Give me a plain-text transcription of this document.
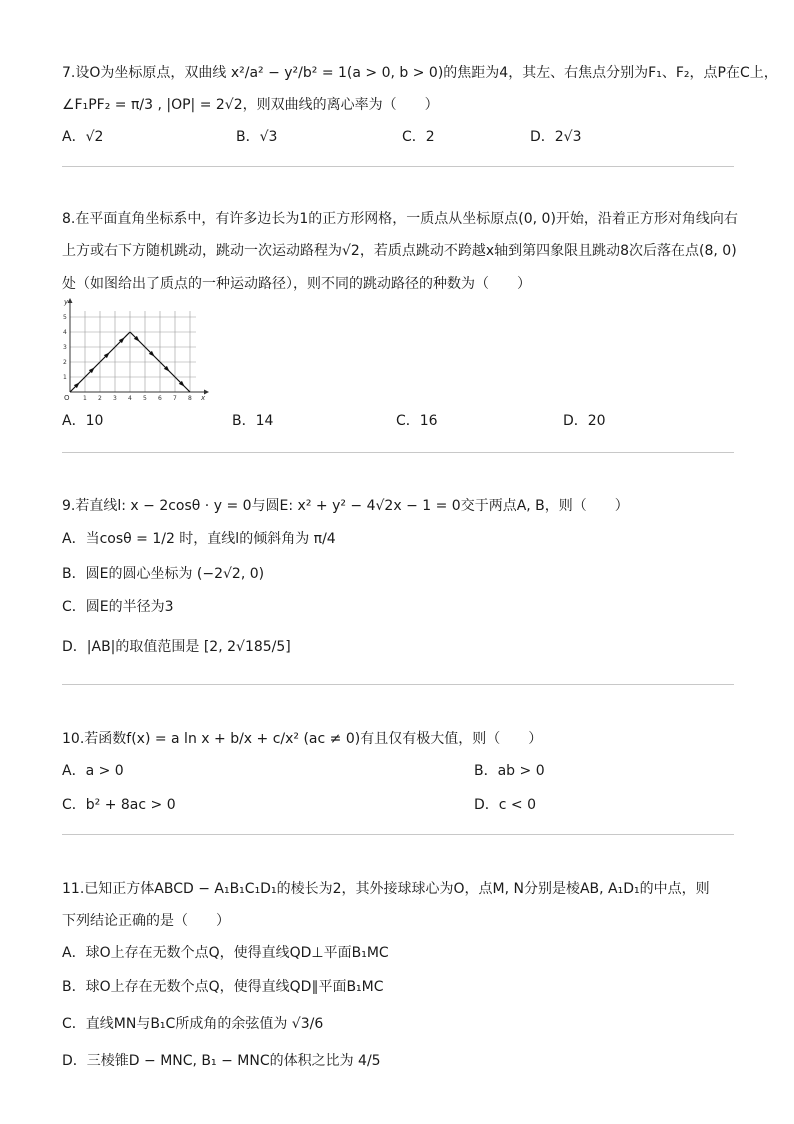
7.设O为坐标原点，双曲线 x²/a² − y²/b² = 1(a > 0, b > 0)的焦距为4，其左、右焦点分别为F₁、F₂，点P在C上，
∠F₁PF₂ = π/3 , |OP| = 2√2，则双曲线的离心率为（　　）
A．√2	B．√3	C．2	D．2√3
8.在平面直角坐标系中，有许多边长为1的正方形网格，一质点从坐标原点(0, 0)开始，沿着正方形对角线向右
上方或右下方随机跳动，跳动一次运动路程为√2，若质点跳动不跨越x轴到第四象限且跳动8次后落在点(8, 0)
处（如图给出了质点的一种运动路径），则不同的跳动路径的种数为（　　）
x
y
O 1 2 3 4 5 6 7 8
1
2
3
4
5
A．10	B．14	C．16	D．20
9.若直线l: x − 2cosθ · y = 0与圆E: x² + y² − 4√2x − 1 = 0交于两点A, B，则（　　）
A．当cosθ = 1/2 时，直线l的倾斜角为 π/4
B．圆E的圆心坐标为 (−2√2, 0)
C．圆E的半径为3
D．|AB|的取值范围是 [2, 2√185/5]
10.若函数f(x) = a ln x + b/x + c/x² (ac ≠ 0)有且仅有极大值，则（　　）
A．a > 0	B．ab > 0
C．b² + 8ac > 0	D．c < 0
11.已知正方体ABCD − A₁B₁C₁D₁的棱长为2，其外接球球心为O，点M, N分别是棱AB, A₁D₁的中点，则
下列结论正确的是（　　）
A．球O上存在无数个点Q，使得直线QD⊥平面B₁MC
B．球O上存在无数个点Q，使得直线QD∥平面B₁MC
C．直线MN与B₁C所成角的余弦值为 √3/6
D．三棱锥D − MNC, B₁ − MNC的体积之比为 4/5
